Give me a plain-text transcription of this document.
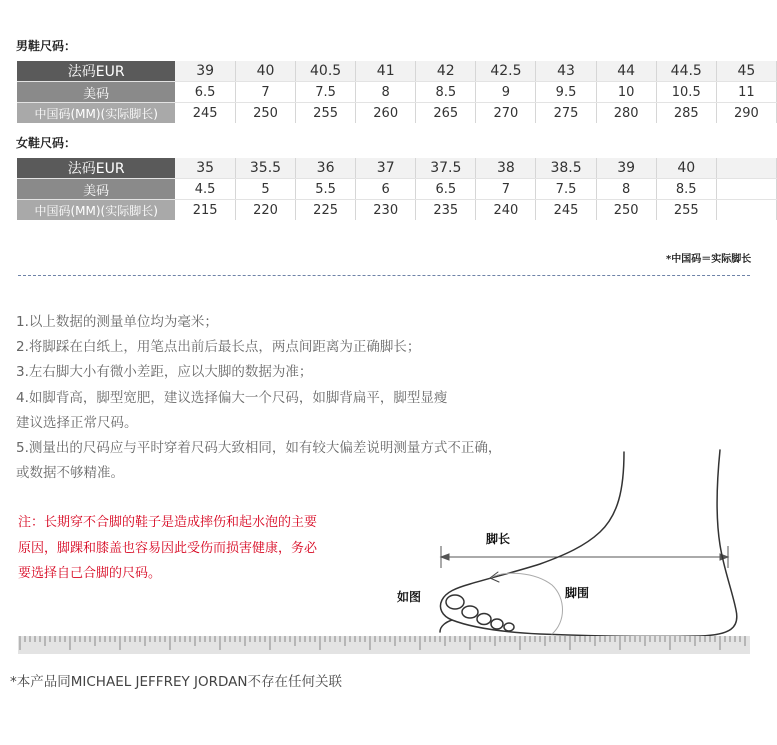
男鞋尺码：
法码EUR	39	40	40.5	41	42	42.5	43	44	44.5	45
美码	6.5	7	7.5	8	8.5	9	9.5	10	10.5	11
中国码(MM)(实际脚长)	245	250	255	260	265	270	275	280	285	290
女鞋尺码：
法码EUR	35	35.5	36	37	37.5	38	38.5	39	40	
美码	4.5	5	5.5	6	6.5	7	7.5	8	8.5	
中国码(MM)(实际脚长)	215	220	225	230	235	240	245	250	255	
*中国码＝实际脚长
1.以上数据的测量单位均为毫米；
2.将脚踩在白纸上，用笔点出前后最长点，两点间距离为正确脚长；
3.左右脚大小有微小差距，应以大脚的数据为准；
4.如脚背高，脚型宽肥，建议选择偏大一个尺码，如脚背扁平，脚型显瘦
建议选择正常尺码。
5.测量出的尺码应与平时穿着尺码大致相同，如有较大偏差说明测量方式不正确，
或数据不够精准。
注：长期穿不合脚的鞋子是造成摔伤和起水泡的主要
原因，脚踝和膝盖也容易因此受伤而损害健康，务必
要选择自己合脚的尺码。
脚长
脚围
如图
*本产品同MICHAEL JEFFREY JORDAN不存在任何关联
